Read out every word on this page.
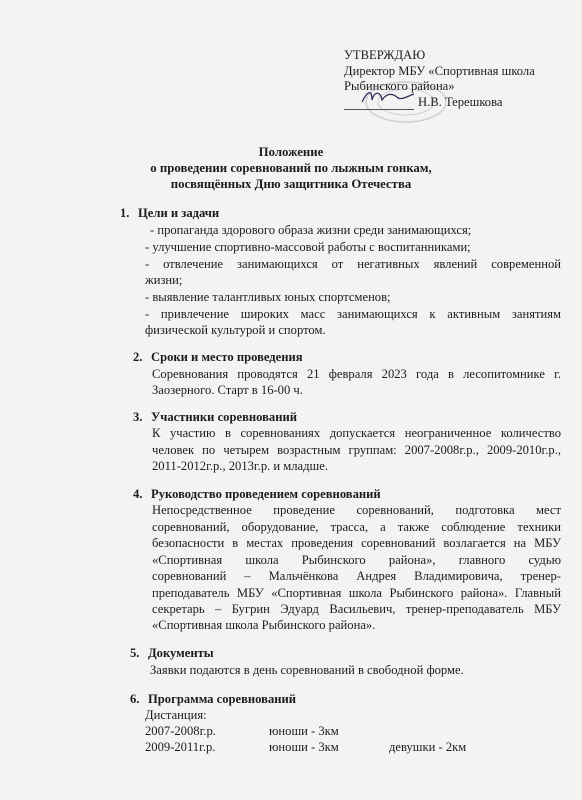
УТВЕРЖДАЮ
Директор МБУ «Спортивная школа
Рыбинского района»
Н.В. Терешкова
Положение
о проведении соревнований по лыжным гонкам,
посвящённых Дню защитника Отечества
1. Цели и задачи
- пропаганда здорового образа жизни среди занимающихся;
- улучшение спортивно-массовой работы с воспитанниками;
- отвлечение занимающихся от негативных явлений современной
жизни;
- выявление талантливых юных спортсменов;
- привлечение широких масс занимающихся к активным занятиям
физической культурой и спортом.
2. Сроки и место проведения
Соревнования проводятся 21 февраля 2023 года в лесопитомнике г.
Заозерного. Старт в 16-00 ч.
3. Участники соревнований
К участию в соревнованиях допускается неограниченное количество
человек по четырем возрастным группам: 2007-2008г.р., 2009-2010г.р.,
2011-2012г.р., 2013г.р. и младше.
4. Руководство проведением соревнований
Непосредственное проведение соревнований, подготовка мест
соревнований, оборудование, трасса, а также соблюдение техники
безопасности в местах проведения соревнований возлагается на МБУ
«Спортивная школа Рыбинского района», главного судью
соревнований – Мальчёнкова Андрея Владимировича, тренер-
преподаватель МБУ «Спортивная школа Рыбинского района». Главный
секретарь – Бугрин Эдуард Васильевич, тренер-преподаватель МБУ
«Спортивная школа Рыбинского района».
5. Документы
Заявки подаются в день соревнований в свободной форме.
6. Программа соревнований
Дистанция:
2007-2008г.р.	юноши - 3км
2009-2011г.р.	юноши - 3км	девушки - 2км
